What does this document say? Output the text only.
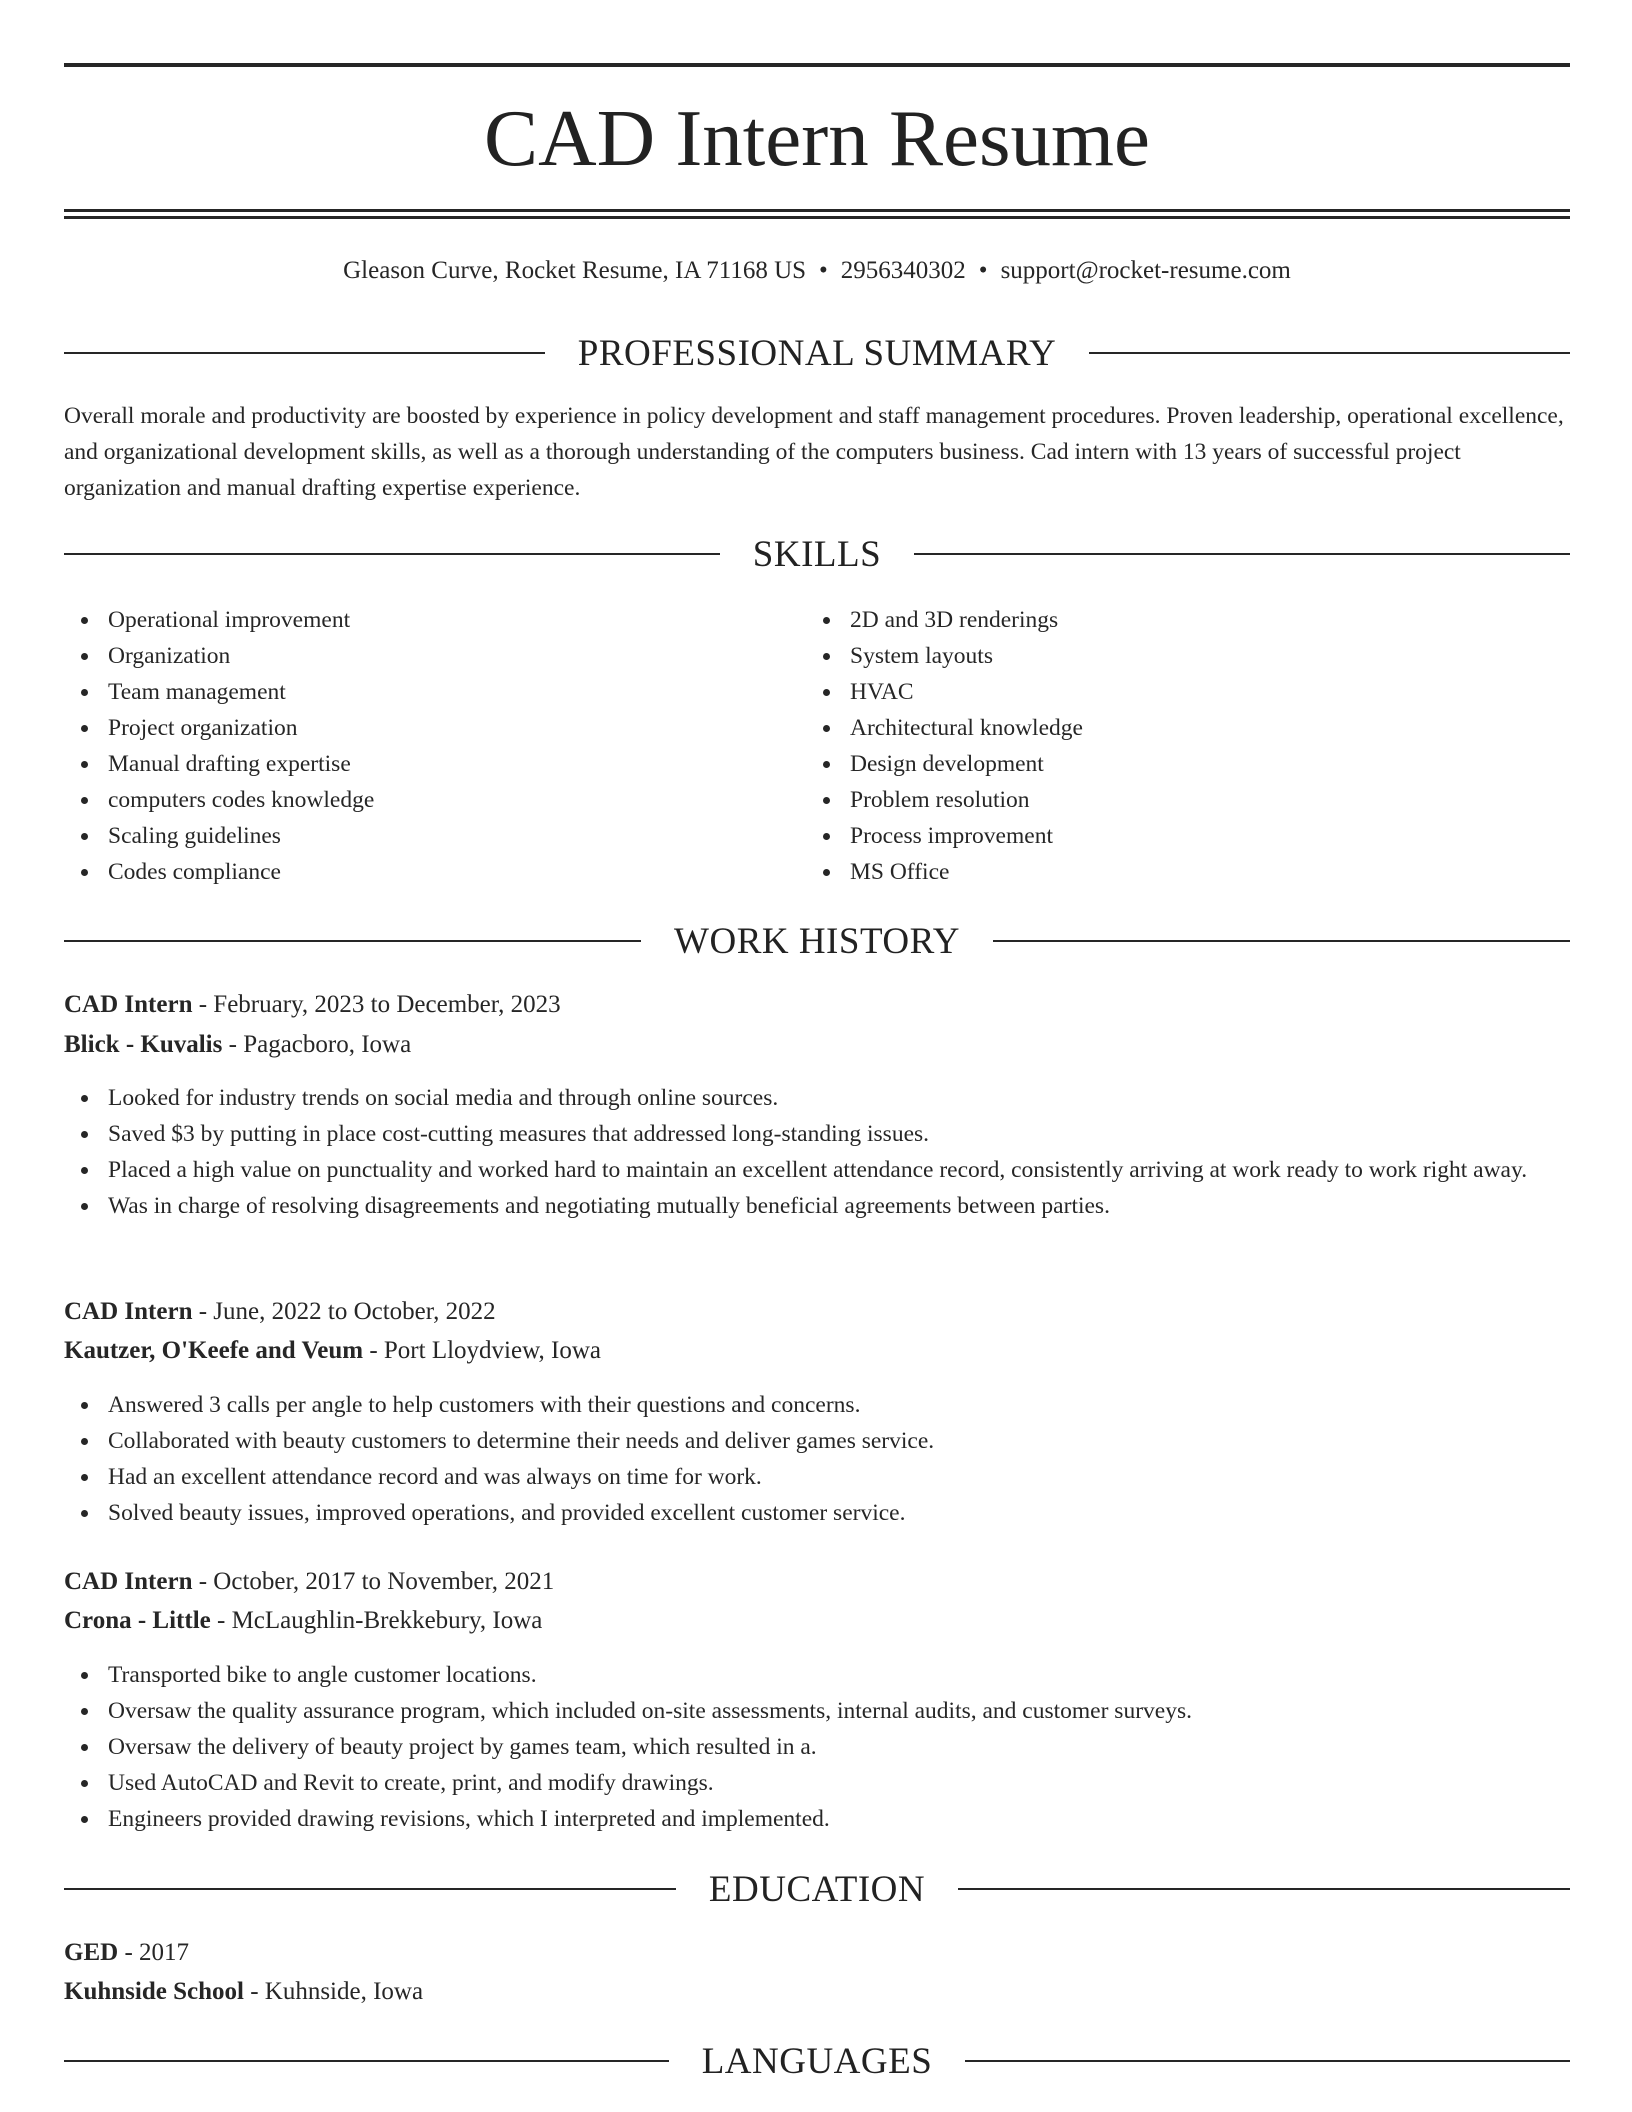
CAD Intern Resume
Gleason Curve, Rocket Resume, IA 71168 US • 2956340302 • support@rocket-resume.com
PROFESSIONAL SUMMARY

Overall morale and productivity are boosted by experience in policy development and staff management procedures. Proven leadership, operational excellence, and organizational development skills, as well as a thorough understanding of the computers business. Cad intern with 13 years of successful project organization and manual drafting expertise experience.

SKILLS
Operational improvement
Organization
Team management
Project organization
Manual drafting expertise
computers codes knowledge
Scaling guidelines
Codes compliance
2D and 3D renderings
System layouts
HVAC
Architectural knowledge
Design development
Problem resolution
Process improvement
MS Office
WORK HISTORY
CAD Intern - February, 2023 to December, 2023
Blick - Kuvalis - Pagacboro, Iowa
Looked for industry trends on social media and through online sources.
Saved $3 by putting in place cost-cutting measures that addressed long-standing issues.
Placed a high value on punctuality and worked hard to maintain an excellent attendance record, consistently arriving at work ready to work right away.
Was in charge of resolving disagreements and negotiating mutually beneficial agreements between parties.
CAD Intern - June, 2022 to October, 2022
Kautzer, O'Keefe and Veum - Port Lloydview, Iowa
Answered 3 calls per angle to help customers with their questions and concerns.
Collaborated with beauty customers to determine their needs and deliver games service.
Had an excellent attendance record and was always on time for work.
Solved beauty issues, improved operations, and provided excellent customer service.
CAD Intern - October, 2017 to November, 2021
Crona - Little - McLaughlin-Brekkebury, Iowa
Transported bike to angle customer locations.
Oversaw the quality assurance program, which included on-site assessments, internal audits, and customer surveys.
Oversaw the delivery of beauty project by games team, which resulted in a.
Used AutoCAD and Revit to create, print, and modify drawings.
Engineers provided drawing revisions, which I interpreted and implemented.
EDUCATION
GED - 2017
Kuhnside School - Kuhnside, Iowa
LANGUAGES
